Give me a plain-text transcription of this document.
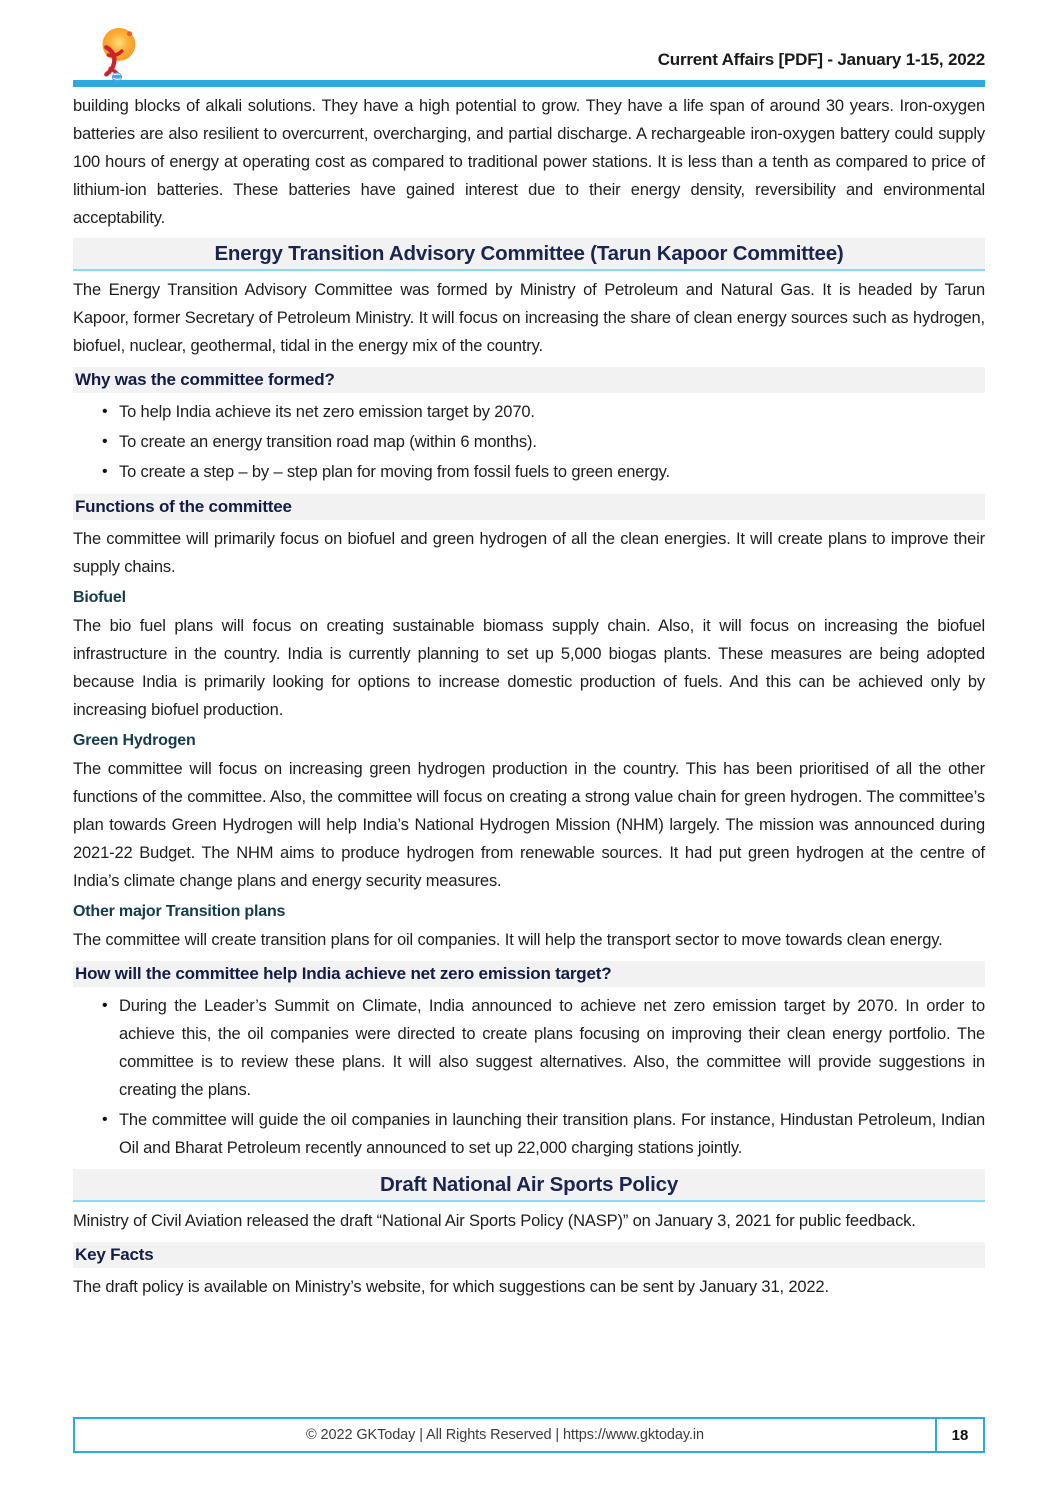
Current Affairs [PDF] - January 1-15, 2022

building blocks of alkali solutions. They have a high potential to grow. They have a life span of around 30 years. Iron-oxygen batteries are also resilient to overcurrent, overcharging, and partial discharge. A rechargeable iron-oxygen battery could supply 100 hours of energy at operating cost as compared to traditional power stations. It is less than a tenth as compared to price of lithium-ion batteries. These batteries have gained interest due to their energy density, reversibility and environmental acceptability.

Energy Transition Advisory Committee (Tarun Kapoor Committee)

The Energy Transition Advisory Committee was formed by Ministry of Petroleum and Natural Gas. It is headed by Tarun Kapoor, former Secretary of Petroleum Ministry. It will focus on increasing the share of clean energy sources such as hydrogen, biofuel, nuclear, geothermal, tidal in the energy mix of the country.

Why was the committee formed?
• To help India achieve its net zero emission target by 2070.
• To create an energy transition road map (within 6 months).
• To create a step – by – step plan for moving from fossil fuels to green energy.
Functions of the committee

The committee will primarily focus on biofuel and green hydrogen of all the clean energies. It will create plans to improve their supply chains.

Biofuel

The bio fuel plans will focus on creating sustainable biomass supply chain. Also, it will focus on increasing the biofuel infrastructure in the country. India is currently planning to set up 5,000 biogas plants. These measures are being adopted because India is primarily looking for options to increase domestic production of fuels. And this can be achieved only by increasing biofuel production.

Green Hydrogen

The committee will focus on increasing green hydrogen production in the country. This has been prioritised of all the other functions of the committee. Also, the committee will focus on creating a strong value chain for green hydrogen. The committee’s plan towards Green Hydrogen will help India’s National Hydrogen Mission (NHM) largely. The mission was announced during 2021-22 Budget. The NHM aims to produce hydrogen from renewable sources. It had put green hydrogen at the centre of India’s climate change plans and energy security measures.

Other major Transition plans

The committee will create transition plans for oil companies. It will help the transport sector to move towards clean energy.

How will the committee help India achieve net zero emission target?
• During the Leader’s Summit on Climate, India announced to achieve net zero emission target by 2070. In order to achieve this, the oil companies were directed to create plans focusing on improving their clean energy portfolio. The committee is to review these plans. It will also suggest alternatives. Also, the committee will provide suggestions in creating the plans.
• The committee will guide the oil companies in launching their transition plans. For instance, Hindustan Petroleum, Indian Oil and Bharat Petroleum recently announced to set up 22,000 charging stations jointly.
Draft National Air Sports Policy

Ministry of Civil Aviation released the draft “National Air Sports Policy (NASP)” on January 3, 2021 for public feedback.

Key Facts

The draft policy is available on Ministry’s website, for which suggestions can be sent by January 31, 2022.

© 2022 GKToday | All Rights Reserved | https://www.gktoday.in	18
